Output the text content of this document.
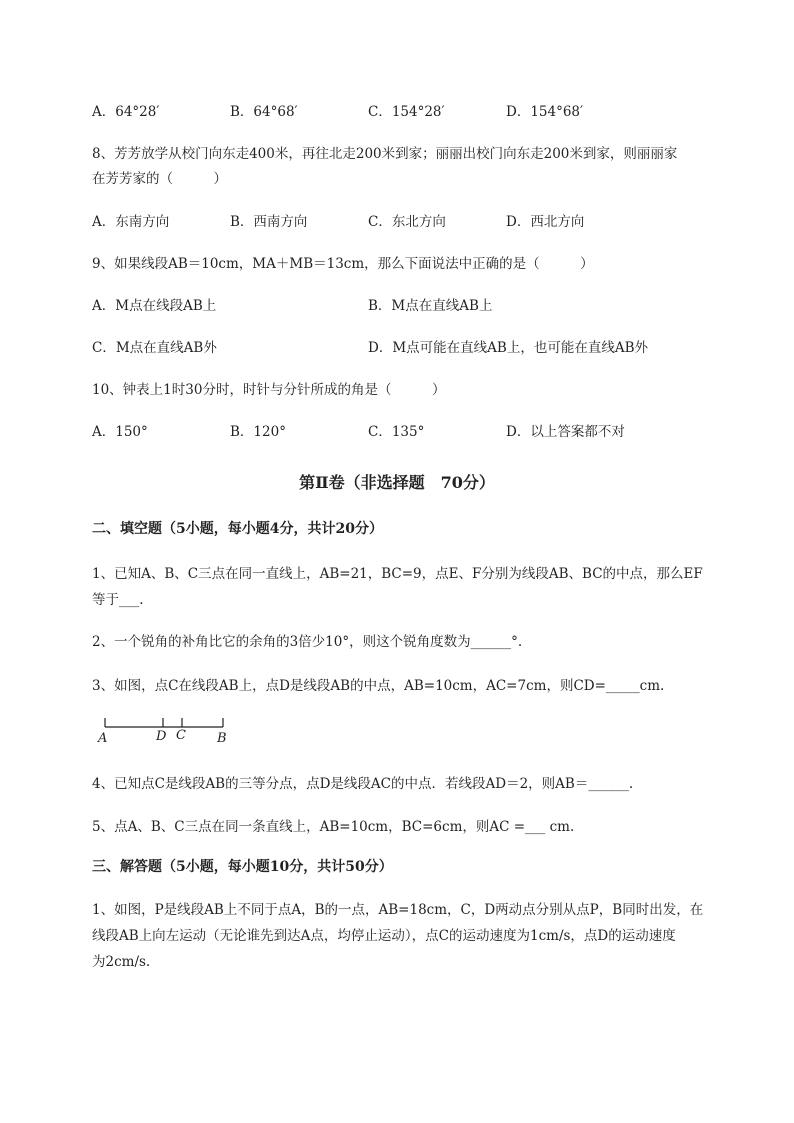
A．64°28′	B．64°68′	C．154°28′	D．154°68′
8、芳芳放学从校门向东走400米，再往北走200米到家；丽丽出校门向东走200米到家，则丽丽家
在芳芳家的（　　　）
A．东南方向	B．西南方向	C．东北方向	D．西北方向
9、如果线段AB＝10cm，MA＋MB＝13cm，那么下面说法中正确的是（　　　）
A．M点在线段AB上	B．M点在直线AB上
C．M点在直线AB外	D．M点可能在直线AB上，也可能在直线AB外
10、钟表上1时30分时，时针与分针所成的角是（　　　）
A．150°	B．120°	C．135°	D．以上答案都不对
第Ⅱ卷（非选择题　70分）
二、填空题（5小题，每小题4分，共计20分）
1、已知A、B、C三点在同一直线上，AB=21，BC=9，点E、F分别为线段AB、BC的中点，那么EF
等于___.
2、一个锐角的补角比它的余角的3倍少10°，则这个锐角度数为______°.
3、如图，点C在线段AB上，点D是线段AB的中点，AB=10cm，AC=7cm，则CD=_____cm.
A	D C B
4、已知点C是线段AB的三等分点，点D是线段AC的中点．若线段AD＝2，则AB＝______.
5、点A、B、C三点在同一条直线上，AB=10cm，BC=6cm，则AC =___ cm.
三、解答题（5小题，每小题10分，共计50分）
1、如图，P是线段AB上不同于点A，B的一点，AB=18cm，C，D两动点分别从点P，B同时出发，在
线段AB上向左运动（无论谁先到达A点，均停止运动），点C的运动速度为1cm/s，点D的运动速度
为2cm/s.
